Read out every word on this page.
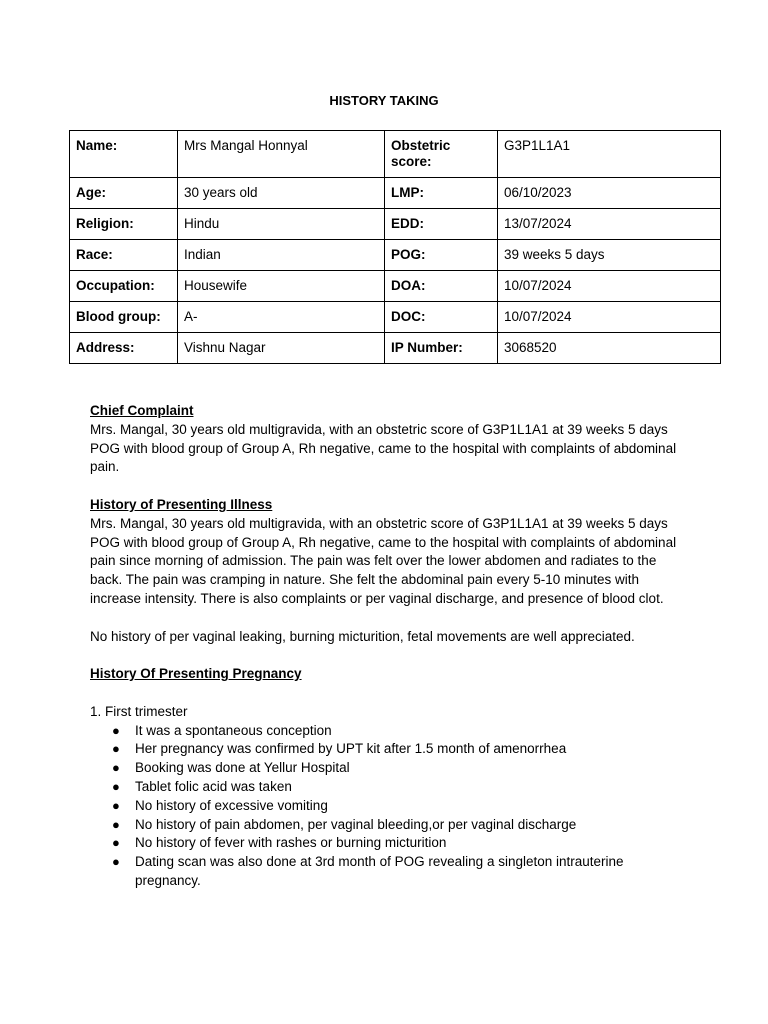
HISTORY TAKING
Name:	Mrs Mangal Honnyal	Obstetric score:	G3P1L1A1
Age:	30 years old	LMP:	06/10/2023
Religion:	Hindu	EDD:	13/07/2024
Race:	Indian	POG:	39 weeks 5 days
Occupation:	Housewife	DOA:	10/07/2024
Blood group:	A-	DOC:	10/07/2024
Address:	Vishnu Nagar	IP Number:	3068520
Chief Complaint
Mrs. Mangal, 30 years old multigravida, with an obstetric score of G3P1L1A1 at 39 weeks 5 days POG with blood group of Group A, Rh negative, came to the hospital with complaints of abdominal pain.
History of Presenting Illness
Mrs. Mangal, 30 years old multigravida, with an obstetric score of G3P1L1A1 at 39 weeks 5 days POG with blood group of Group A, Rh negative, came to the hospital with complaints of abdominal pain since morning of admission. The pain was felt over the lower abdomen and radiates to the back. The pain was cramping in nature. She felt the abdominal pain every 5-10 minutes with increase intensity. There is also complaints or per vaginal discharge, and presence of blood clot.
No history of per vaginal leaking, burning micturition, fetal movements are well appreciated.
History Of Presenting Pregnancy
1. First trimester
● It was a spontaneous conception
● Her pregnancy was confirmed by UPT kit after 1.5 month of amenorrhea
● Booking was done at Yellur Hospital
● Tablet folic acid was taken
● No history of excessive vomiting
● No history of pain abdomen, per vaginal bleeding,or per vaginal discharge
● No history of fever with rashes or burning micturition
● Dating scan was also done at 3rd month of POG revealing a singleton intrauterine pregnancy.
